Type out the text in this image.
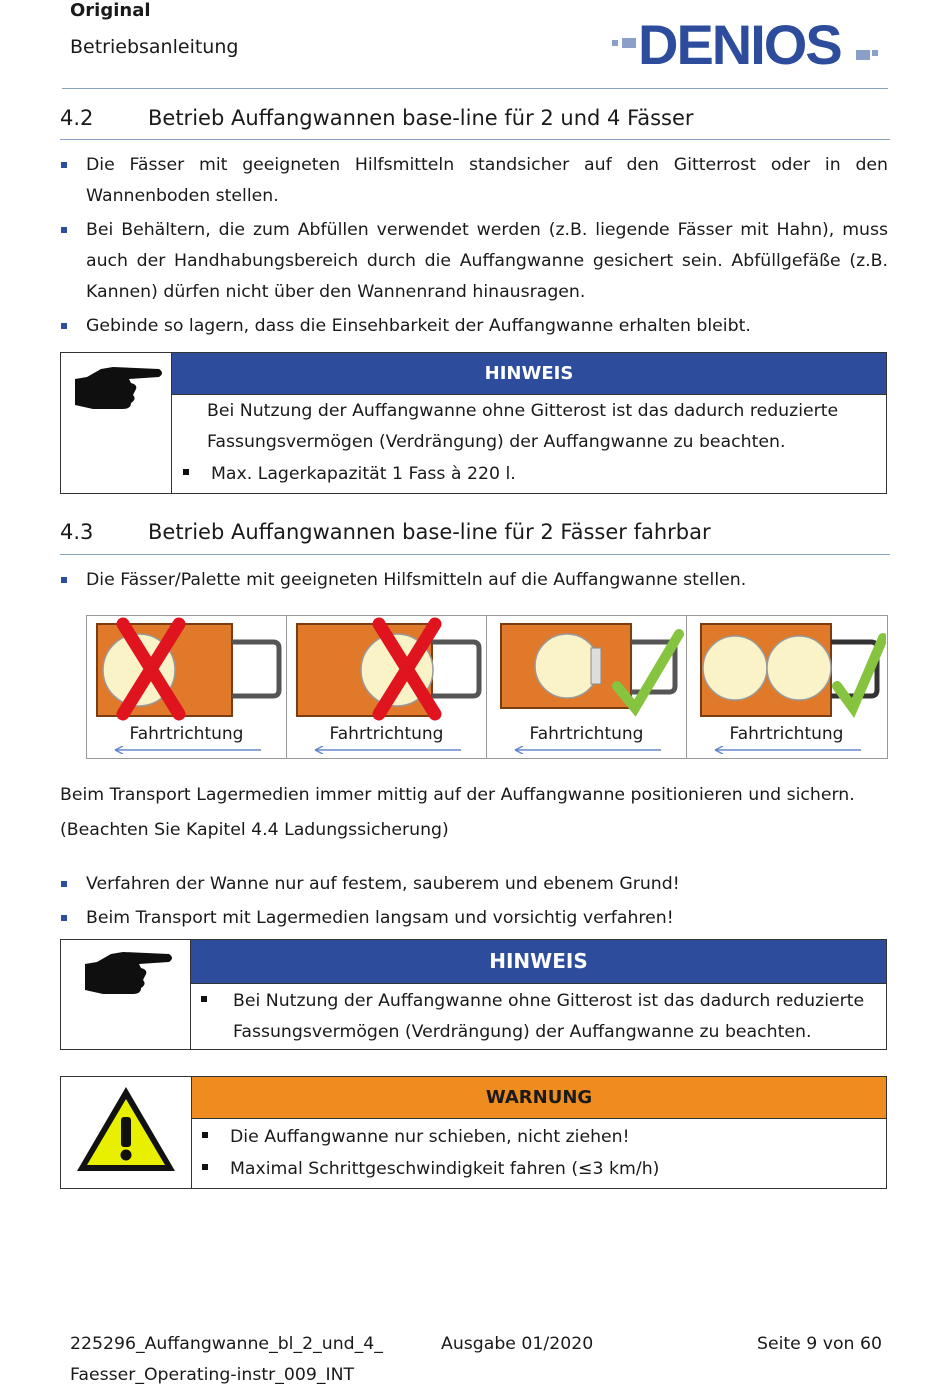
Original
Betriebsanleitung	DENIOS
4.2	Betrieb Auffangwannen base-line für 2 und 4 Fässer
Die Fässer mit geeigneten Hilfsmitteln standsicher auf den Gitterrost oder in den Wannenboden stellen.
Bei Behältern, die zum Abfüllen verwendet werden (z.B. liegende Fässer mit Hahn), muss auch der Handhabungsbereich durch die Auffangwanne gesichert sein. Abfüllgefäße (z.B. Kannen) dürfen nicht über den Wannenrand hinausragen.
Gebinde so lagern, dass die Einsehbarkeit der Auffangwanne erhalten bleibt.
HINWEIS
Bei Nutzung der Auffangwanne ohne Gitterost ist das dadurch reduzierte Fassungsvermögen (Verdrängung) der Auffangwanne zu beachten.
Max. Lagerkapazität 1 Fass à 220 l.
4.3	Betrieb Auffangwannen base-line für 2 Fässer fahrbar
Die Fässer/Palette mit geeigneten Hilfsmitteln auf die Auffangwanne stellen.
Fahrtrichtung	Fahrtrichtung	Fahrtrichtung	Fahrtrichtung
Beim Transport Lagermedien immer mittig auf der Auffangwanne positionieren und sichern.
(Beachten Sie Kapitel 4.4 Ladungssicherung)
Verfahren der Wanne nur auf festem, sauberem und ebenem Grund!
Beim Transport mit Lagermedien langsam und vorsichtig verfahren!
HINWEIS
Bei Nutzung der Auffangwanne ohne Gitterost ist das dadurch reduzierte Fassungsvermögen (Verdrängung) der Auffangwanne zu beachten.
WARNUNG
Die Auffangwanne nur schieben, nicht ziehen!
Maximal Schrittgeschwindigkeit fahren (≤3 km/h)
225296_Auffangwanne_bl_2_und_4_
Faesser_Operating-instr_009_INT
Ausgabe 01/2020	Seite 9 von 60
